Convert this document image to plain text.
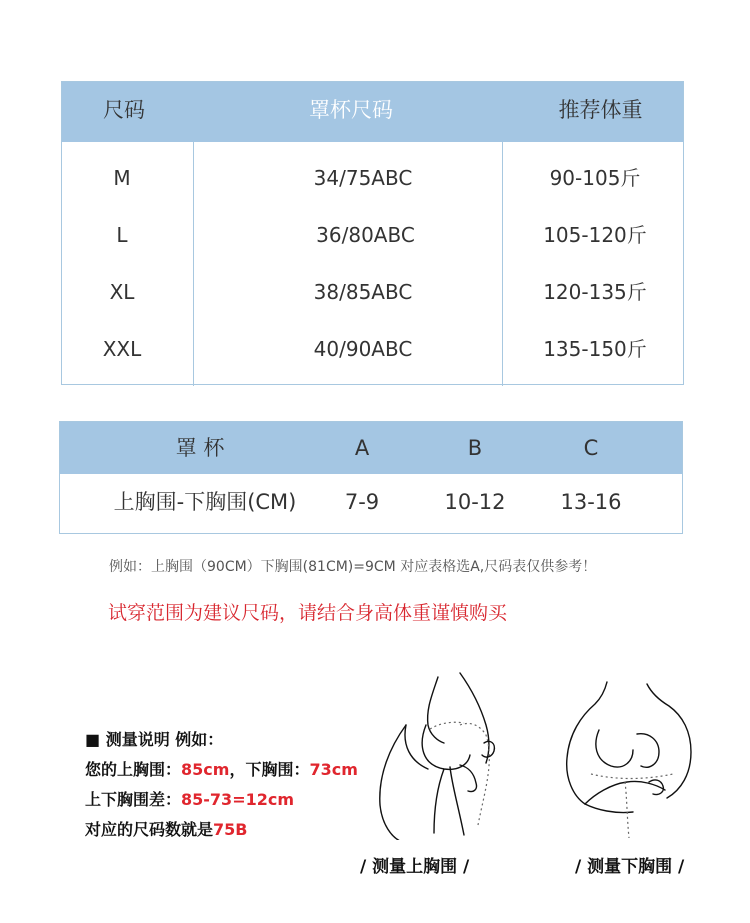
尺码	罩杯尺码	推荐体重
M	34/75ABC	90-105斤
L	36/80ABC	105-120斤
XL	38/85ABC	120-135斤
XXL	40/90ABC	135-150斤
罩 杯	A	B	C
上胸围-下胸围(CM)	7-9	10-12	13-16
例如：上胸围（90CM）下胸围(81CM)=9CM 对应表格选A,尺码表仅供参考！
试穿范围为建议尺码，请结合身高体重谨慎购买
■ 测量说明 例如：
您的上胸围：85cm，下胸围：73cm
上下胸围差：85-73=12cm
对应的尺码数就是75B
/ 测量上胸围 /	/ 测量下胸围 /
